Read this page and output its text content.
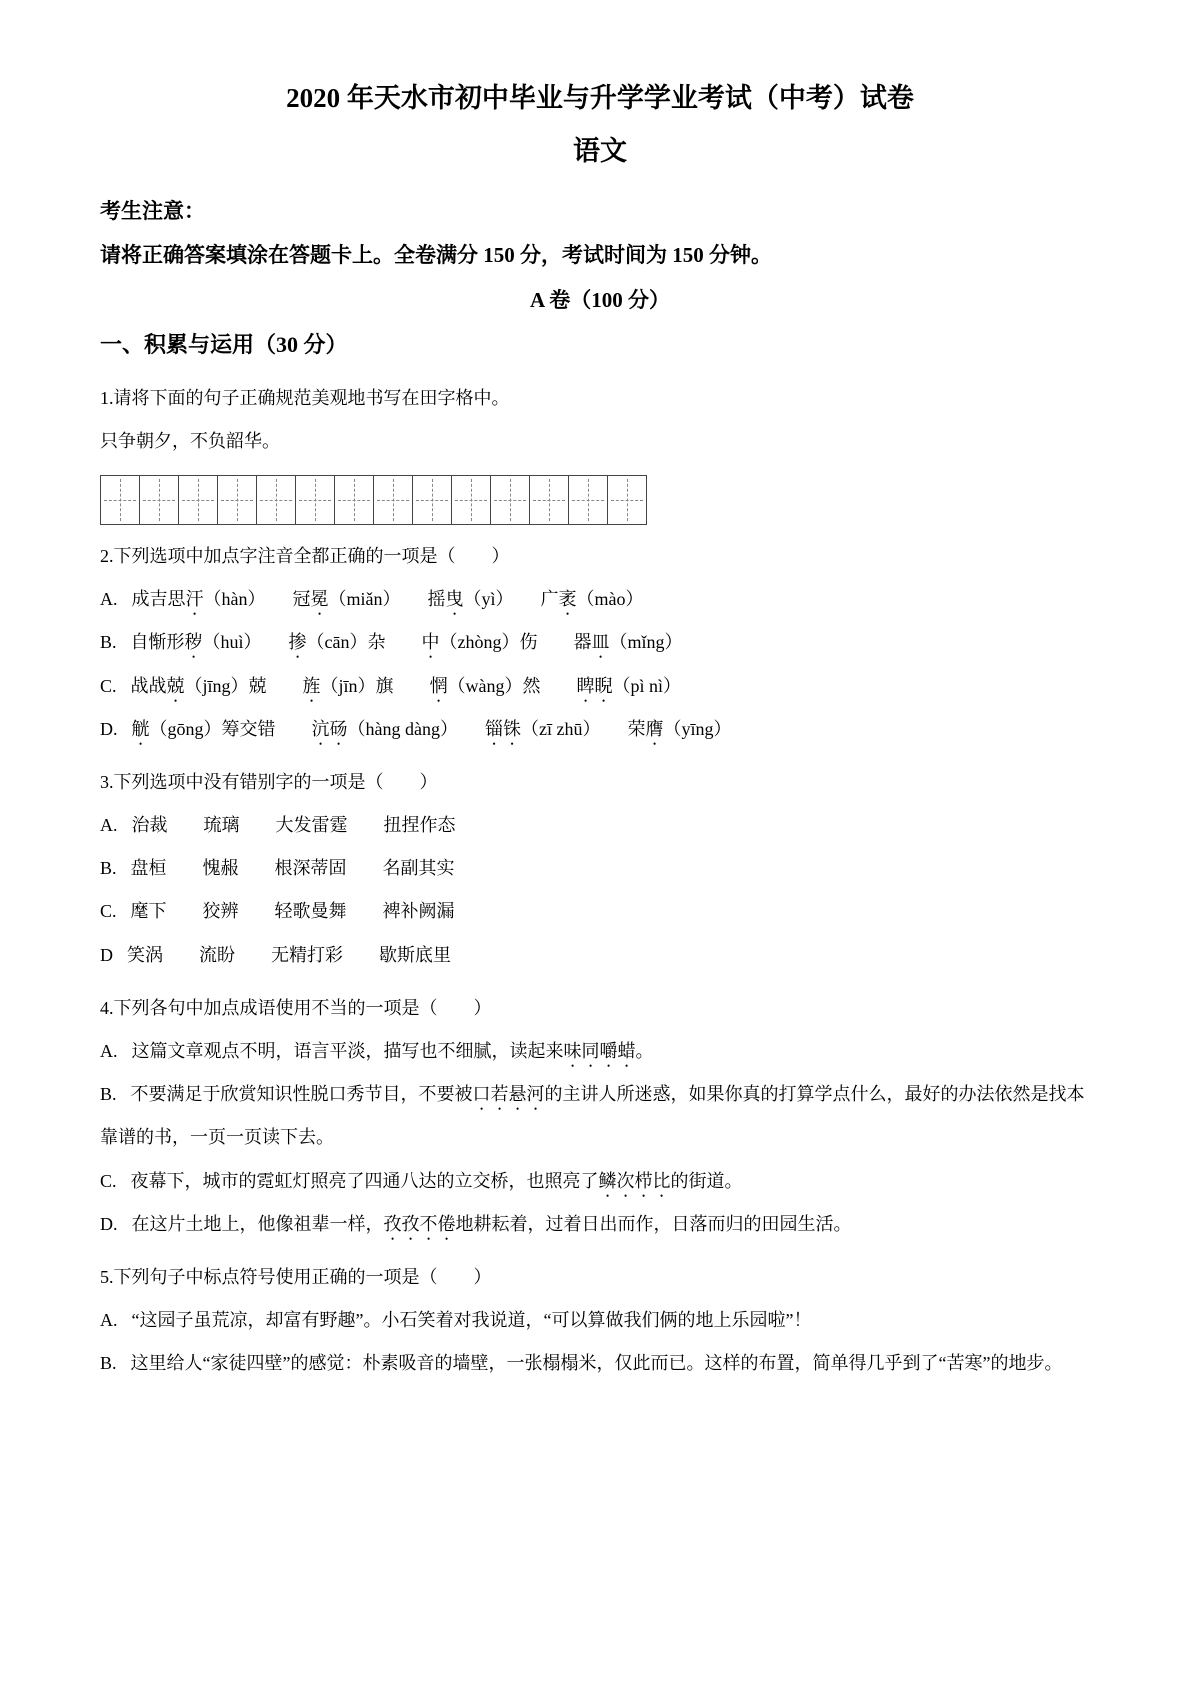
2020 年天水市初中毕业与升学学业考试（中考）试卷
语文

考生注意：

请将正确答案填涂在答题卡上。全卷满分 150 分，考试时间为 150 分钟。

A 卷（100 分）

一、积累与运用（30 分）

1.请将下面的句子正确规范美观地书写在田字格中。

只争朝夕，不负韶华。

2.下列选项中加点字注音全都正确的一项是（　　）

A. 成吉思汗（hàn）　　冠冕（miǎn）　　摇曳（yì）　　广袤（mào）

B. 自惭形秽（huì）　　掺（cān）杂　　中（zhòng）伤　　器皿（mǐng）

C. 战战兢（jīng）兢　　旌（jīn）旗　　惘（wàng）然　　睥睨（pì nì）

D. 觥（gōng）筹交错　　沆砀（hàng dàng）　　锱铢（zī zhū）　　荣膺（yīng）

3.下列选项中没有错别字的一项是（　　）

A. 治裁　　琉璃　　大发雷霆　　扭捏作态

B. 盘桓　　愧赧　　根深蒂固　　名副其实

C. 麾下　　狡辨　　轻歌曼舞　　裨补阙漏

D 笑涡　　流盼　　无精打彩　　歇斯底里

4.下列各句中加点成语使用不当的一项是（　　）

A. 这篇文章观点不明，语言平淡，描写也不细腻，读起来味同嚼蜡。

B. 不要满足于欣赏知识性脱口秀节目，不要被口若悬河的主讲人所迷惑，如果你真的打算学点什么，最好的办法依然是找本靠谱的书，一页一页读下去。

C. 夜幕下，城市的霓虹灯照亮了四通八达的立交桥，也照亮了鳞次栉比的街道。

D. 在这片土地上，他像祖辈一样，孜孜不倦地耕耘着，过着日出而作，日落而归的田园生活。

5.下列句子中标点符号使用正确的一项是（　　）

A. “这园子虽荒凉，却富有野趣”。小石笑着对我说道，“可以算做我们俩的地上乐园啦”！

B. 这里给人“家徒四壁”的感觉：朴素吸音的墙壁，一张榻榻米，仅此而已。这样的布置，简单得几乎到了“苦寒”的地步。
